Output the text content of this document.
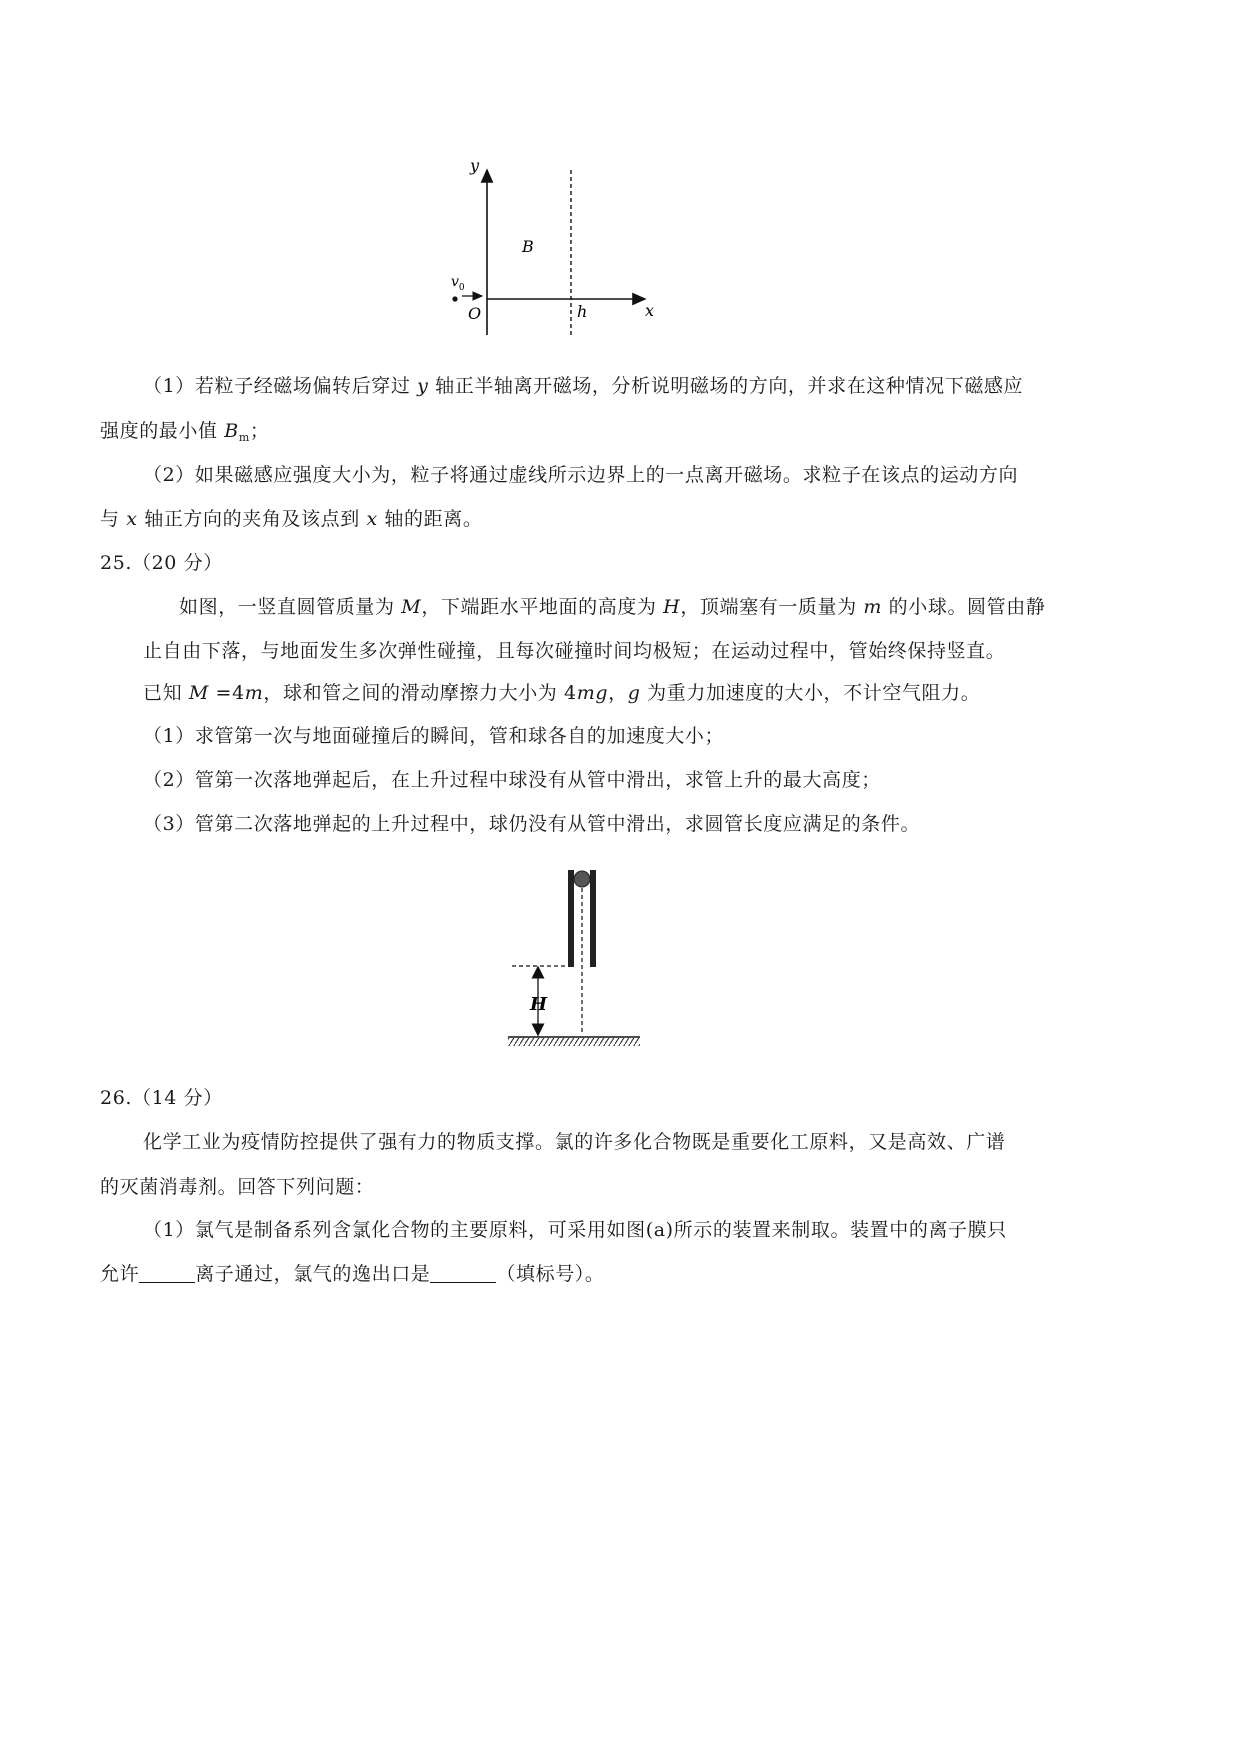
y
x
B
$v_0$
O	h
（1）若粒子经磁场偏转后穿过 y 轴正半轴离开磁场，分析说明磁场的方向，并求在这种情况下磁感应
强度的最小值 $B_m$；
（2）如果磁感应强度大小为，粒子将通过虚线所示边界上的一点离开磁场。求粒子在该点的运动方向
与 x 轴正方向的夹角及该点到 x 轴的距离。
25.（20 分）
如图，一竖直圆管质量为 M，下端距水平地面的高度为 H，顶端塞有一质量为 m 的小球。圆管由静
止自由下落，与地面发生多次弹性碰撞，且每次碰撞时间均极短；在运动过程中，管始终保持竖直。
已知 M =4m，球和管之间的滑动摩擦力大小为 4mg，g 为重力加速度的大小，不计空气阻力。
（1）求管第一次与地面碰撞后的瞬间，管和球各自的加速度大小；
（2）管第一次落地弹起后，在上升过程中球没有从管中滑出，求管上升的最大高度；
（3）管第二次落地弹起的上升过程中，球仍没有从管中滑出，求圆管长度应满足的条件。
H
26.（14 分）
化学工业为疫情防控提供了强有力的物质支撑。氯的许多化合物既是重要化工原料，又是高效、广谱
的灭菌消毒剂。回答下列问题：
（1）氯气是制备系列含氯化合物的主要原料，可采用如图(a)所示的装置来制取。装置中的离子膜只
允许	离子通过，氯气的逸出口是	（填标号）。
